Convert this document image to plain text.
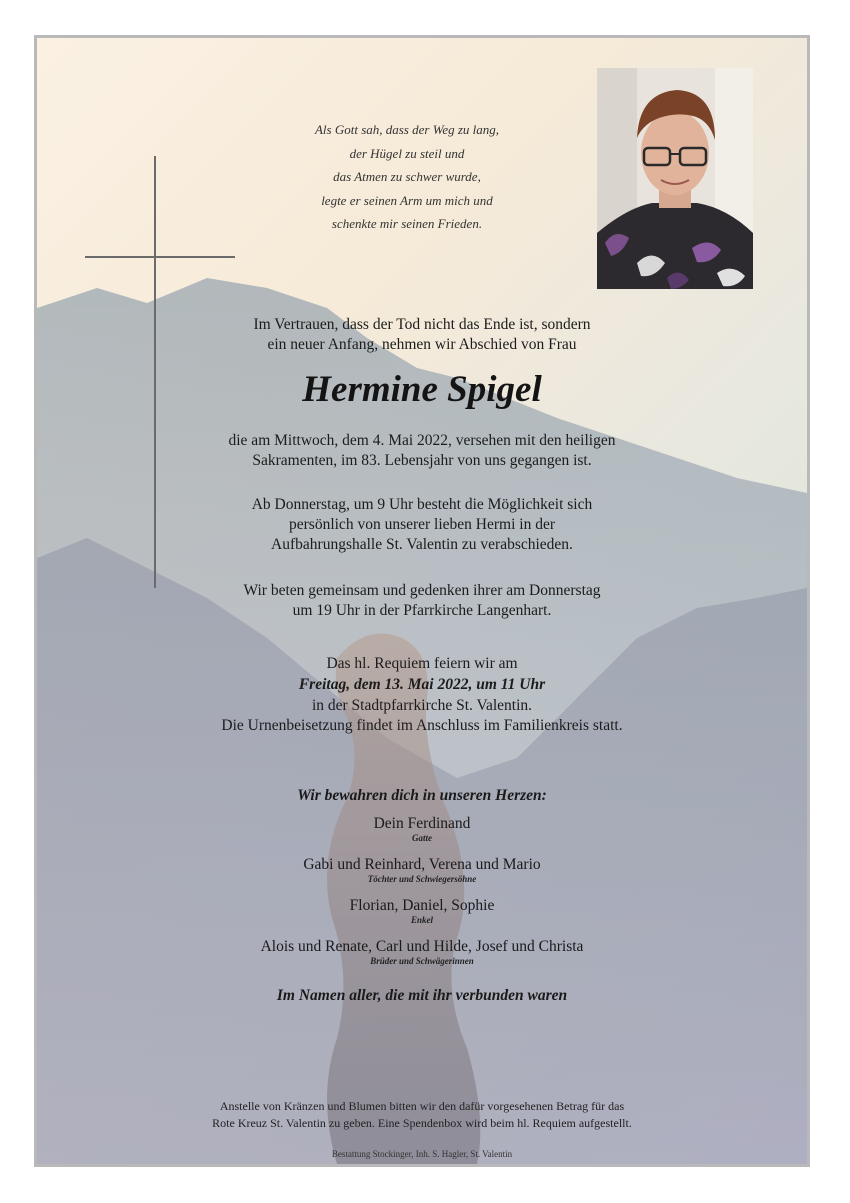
Als Gott sah, dass der Weg zu lang,
der Hügel zu steil und
das Atmen zu schwer wurde,
legte er seinen Arm um mich und
schenkte mir seinen Frieden.
Im Vertrauen, dass der Tod nicht das Ende ist, sondern
ein neuer Anfang, nehmen wir Abschied von Frau
Hermine Spigel
die am Mittwoch, dem 4. Mai 2022, versehen mit den heiligen
Sakramenten, im 83. Lebensjahr von uns gegangen ist.
Ab Donnerstag, um 9 Uhr besteht die Möglichkeit sich
persönlich von unserer lieben Hermi in der
Aufbahrungshalle St. Valentin zu verabschieden.
Wir beten gemeinsam und gedenken ihrer am Donnerstag
um 19 Uhr in der Pfarrkirche Langenhart.
Das hl. Requiem feiern wir am
Freitag, dem 13. Mai 2022, um 11 Uhr
in der Stadtpfarrkirche St. Valentin.
Die Urnenbeisetzung findet im Anschluss im Familienkreis statt.
Wir bewahren dich in unseren Herzen:
Dein Ferdinand
Gatte
Gabi und Reinhard, Verena und Mario
Töchter und Schwiegersöhne
Florian, Daniel, Sophie
Enkel
Alois und Renate, Carl und Hilde, Josef und Christa
Brüder und Schwägerinnen
Im Namen aller, die mit ihr verbunden waren
Anstelle von Kränzen und Blumen bitten wir den dafür vorgesehenen Betrag für das
Rote Kreuz St. Valentin zu geben. Eine Spendenbox wird beim hl. Requiem aufgestellt.
Bestattung Stockinger, Inh. S. Hagler, St. Valentin
